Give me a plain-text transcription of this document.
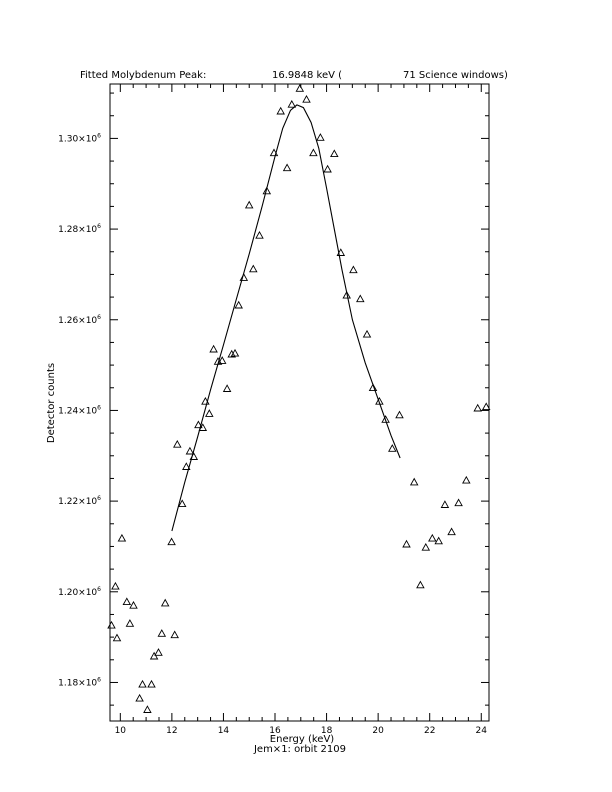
Fitted Molybdenum Peak:	16.9848 keV (	71 Science windows)
10	12	14	16	18	20	22	24
$1.18\times 10^6$
$1.20\times 10^6$
$1.22\times 10^6$
$1.24\times 10^6$
$1.26\times 10^6$
$1.28\times 10^6$
$1.30\times 10^6$
Detector counts
Energy (keV)
Jem×1: orbit 2109
